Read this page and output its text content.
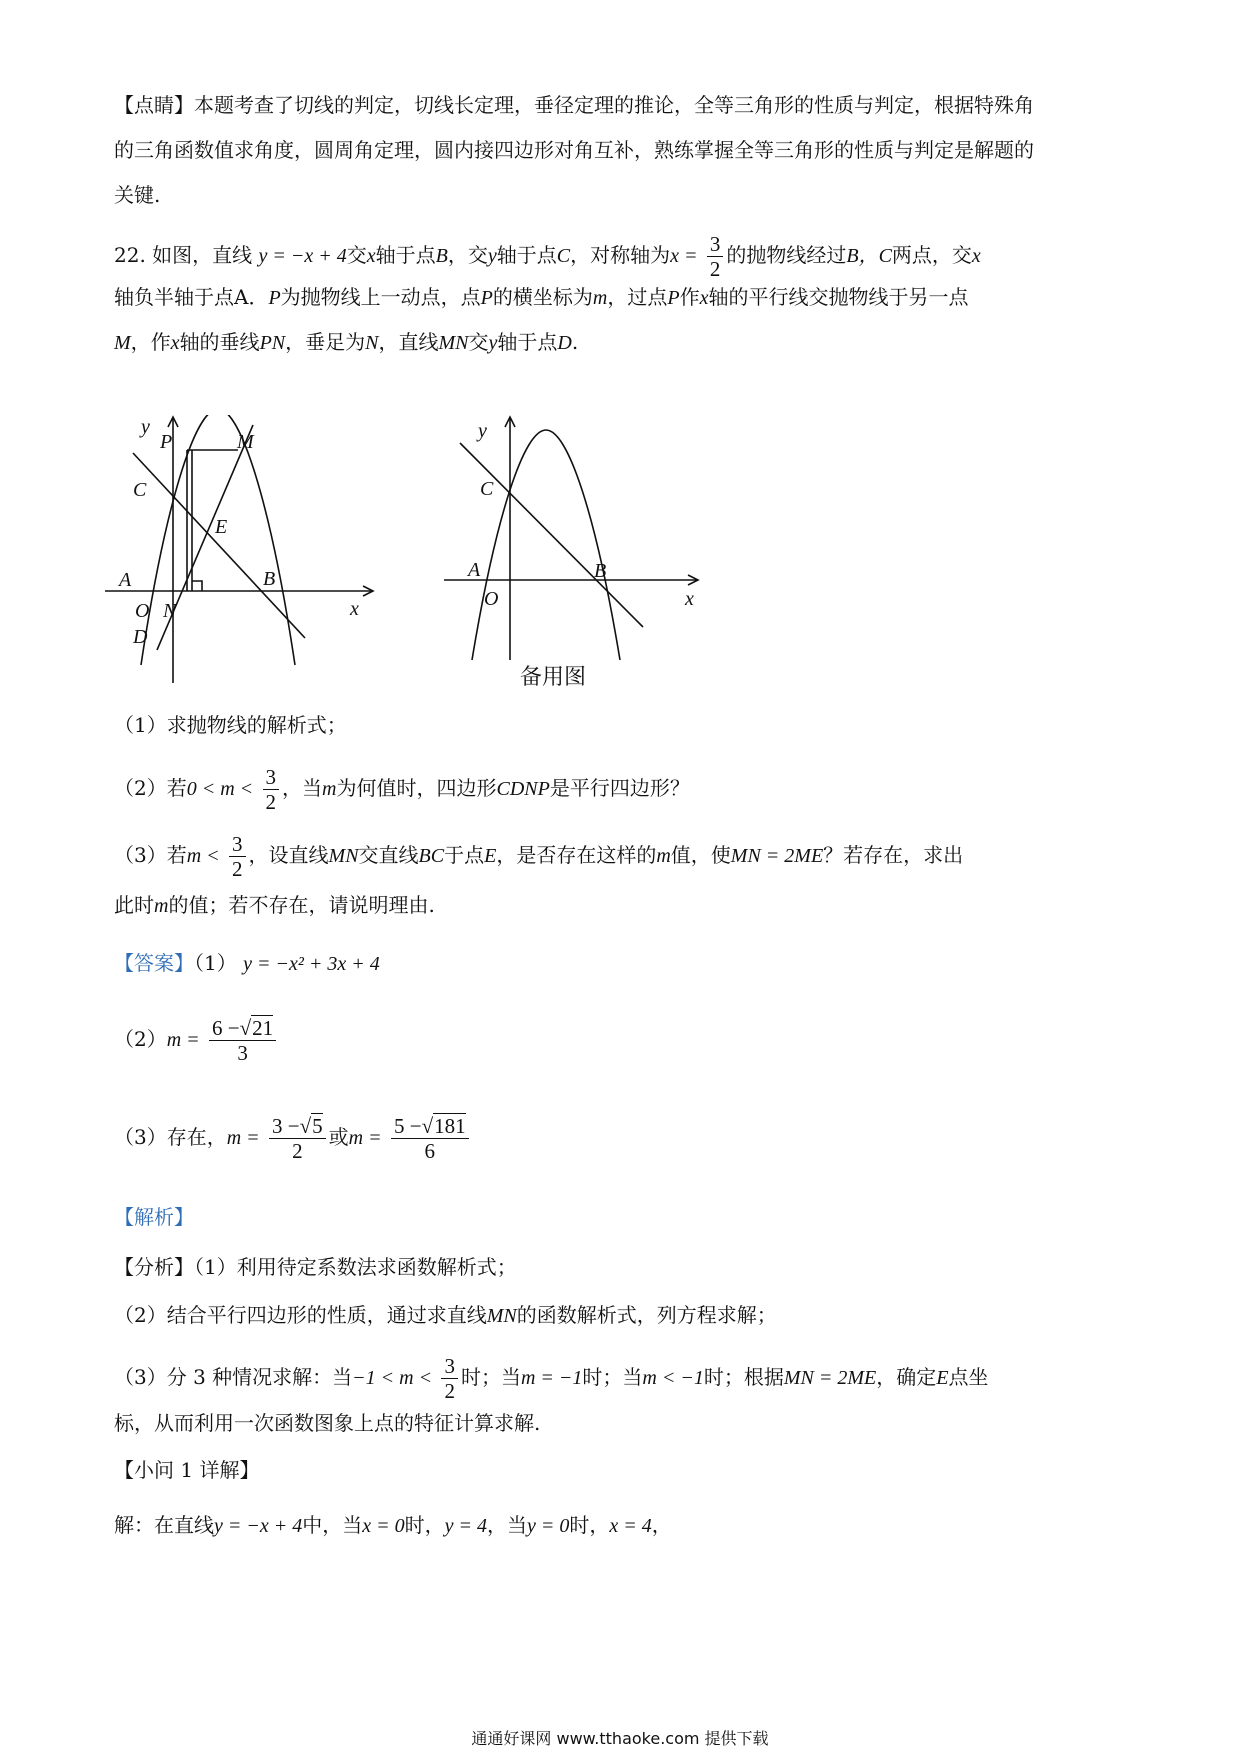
【点睛】本题考查了切线的判定，切线长定理，垂径定理的推论，全等三角形的性质与判定，根据特殊角
的三角函数值求角度，圆周角定理，圆内接四边形对角互补，熟练掌握全等三角形的性质与判定是解题的
关键.
22. 如图，直线 y = −x + 4交x轴于点B，交y轴于点C，对称轴为$x = \frac{3}{2}$ 的抛物线经过B，C两点，交x
轴负半轴于点A．P为抛物线上一动点，点P的横坐标为m，过点P作x轴的平行线交抛物线于另一点
M，作x轴的垂线PN，垂足为N，直线MN交y轴于点D.
y
x
P	M
C
E
A
O N
D
B
y
x
C
A
O
B
备用图
（1）求抛物线的解析式；
（2）若$0 < m < \frac{3}{2}$ ，当m为何值时，四边形CDNP是平行四边形？
（3）若$m < \frac{3}{2}$ ，设直线MN交直线BC于点E，是否存在这样的m值，使MN = 2ME？若存在，求出
此时m的值；若不存在，请说明理由.
【答案】（1） y = −x² + 3x + 4
$(2)m = \frac{6 -√21}{3}$
（3）存在，$m = \frac{3 -√5}{2}$ 或$m = \frac{5 -√181}{6}$
【解析】
【分析】（1）利用待定系数法求函数解析式；
（2）结合平行四边形的性质，通过求直线MN的函数解析式，列方程求解；
（3）分 3 种情况求解：当$-1 < m < \frac{3}{2}$ 时；当m = −1时；当m < −1时；根据MN = 2ME，确定E点坐
标，从而利用一次函数图象上点的特征计算求解.
【小问 1 详解】
解：在直线y = −x + 4中，当x = 0时，y = 4，当y = 0时，x = 4，
通通好课网 www.tthaoke.com 提供下载
